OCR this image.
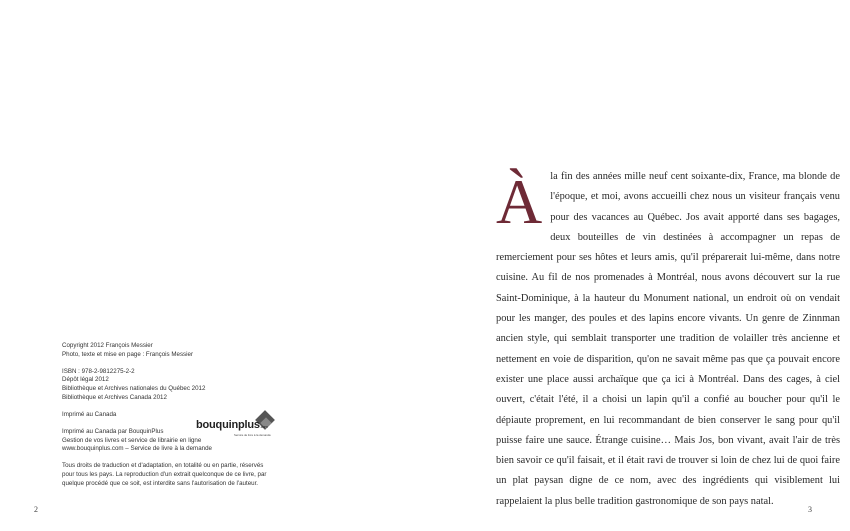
Copyright 2012 François Messier

Photo, texte et mise en page : François Messier

ISBN : 978-2-9812275-2-2

Dépôt légal 2012

Bibliothèque et Archives nationales du Québec 2012

Bibliothèque et Archives Canada 2012

Imprimé au Canada

Imprimé au Canada par BouquinPlus

Gestion de vos livres et service de librairie en ligne

www.bouquinplus.com – Service de livre à la demande

Tous droits de traduction et d'adaptation, en totalité ou en partie, réservés

pour tous les pays. La reproduction d'un extrait quelconque de ce livre, par

quelque procédé que ce soit, est interdite sans l'autorisation de l'auteur.

bouquinplus.com
Service de livre à la demande
2
À la fin des années mille neuf cent soixante-dix, France, ma blonde de l'époque, et moi, avons accueilli chez nous un visiteur français venu pour des vacances au Québec. Jos avait apporté dans ses bagages, deux bouteilles de vin destinées à accompagner un repas de remerciement pour ses hôtes et leurs amis, qu'il préparerait lui-même, dans notre cuisine. Au fil de nos promenades à Montréal, nous avons découvert sur la rue Saint-Dominique, à la hauteur du Monument national, un endroit où on vendait pour les manger, des poules et des lapins encore vivants. Un genre de Zinnman ancien style, qui semblait transporter une tradition de volailler très ancienne et nettement en voie de disparition, qu'on ne savait même pas que ça pouvait encore exister une place aussi archaïque que ça ici à Montréal. Dans des cages, à ciel ouvert, c'était l'été, il a choisi un lapin qu'il a confié au boucher pour qu'il le dépiaute proprement, en lui recommandant de bien conserver le sang pour qu'il puisse faire une sauce. Étrange cuisine… Mais Jos, bon vivant, avait l'air de très bien savoir ce qu'il faisait, et il était ravi de trouver si loin de chez lui de quoi faire un plat paysan digne de ce nom, avec des ingrédients qui visiblement lui rappelaient la plus belle tradition gastronomique de son pays natal.
3
